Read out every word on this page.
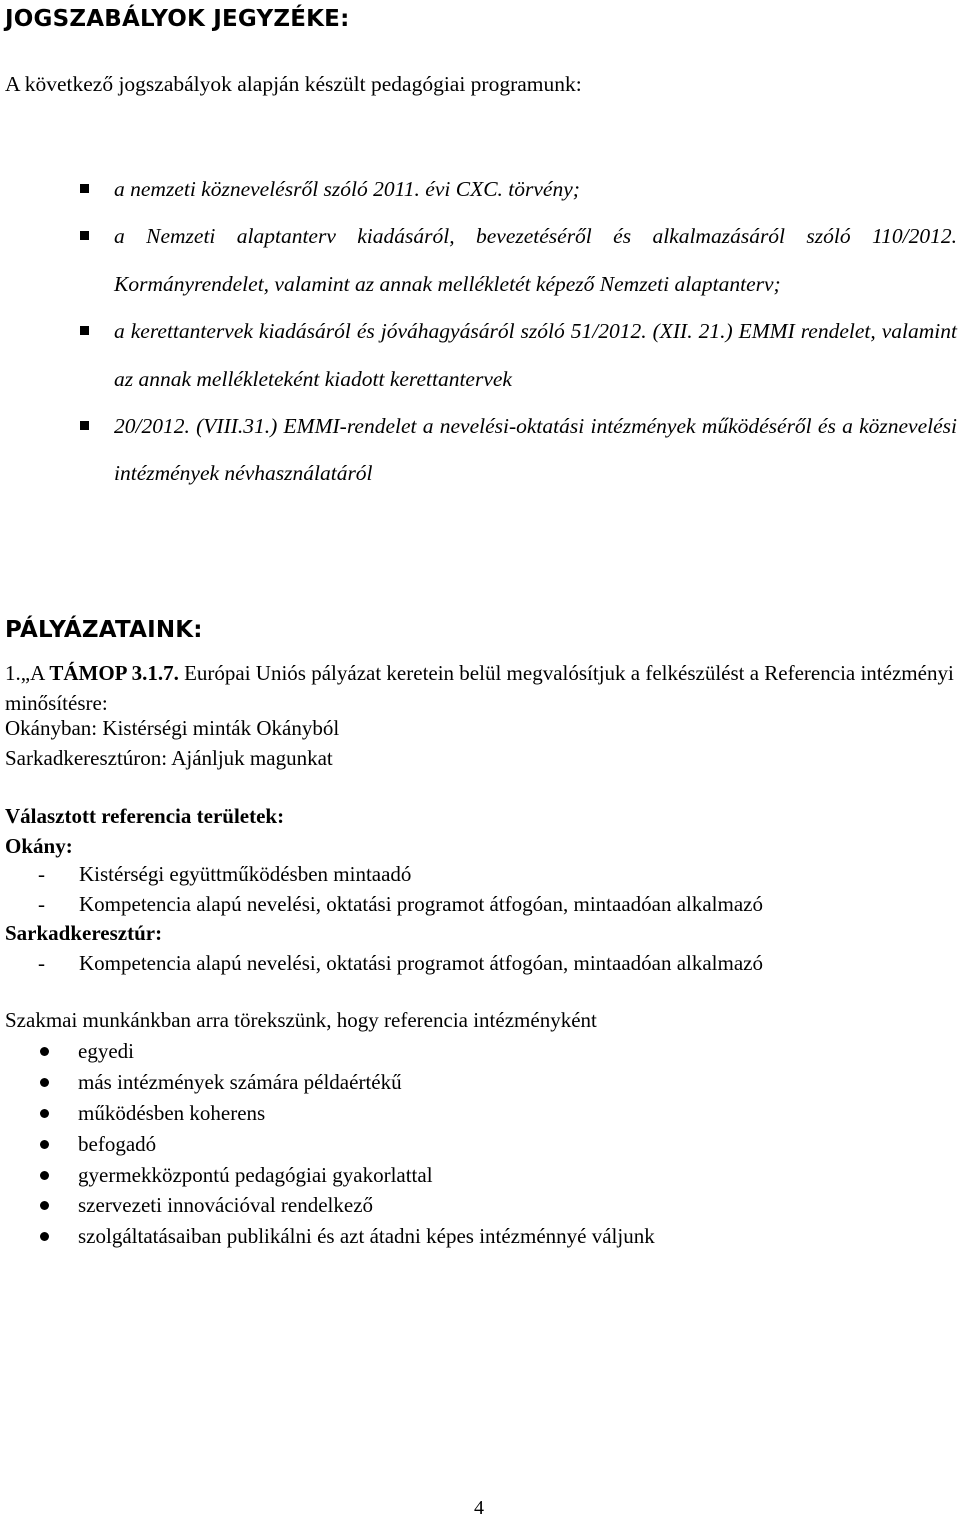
JOGSZABÁLYOK JEGYZÉKE:
A következő jogszabályok alapján készült pedagógiai programunk:
a nemzeti köznevelésről szóló 2011. évi CXC. törvény;
a Nemzeti alaptanterv kiadásáról, bevezetéséről és alkalmazásáról szóló 110/2012. Kormányrendelet, valamint az annak mellékletét képező Nemzeti alaptanterv;
a kerettantervek kiadásáról és jóváhagyásáról szóló 51/2012. (XII. 21.) EMMI rendelet, valamint az annak mellékleteként kiadott kerettantervek
20/2012. (VIII.31.) EMMI-rendelet a nevelési-oktatási intézmények működéséről és a köznevelési intézmények névhasználatáról
PÁLYÁZATAINK:
1.„A TÁMOP 3.1.7. Európai Uniós pályázat keretein belül megvalósítjuk a felkészülést a Referencia intézményi minősítésre:
Okányban: Kistérségi minták Okányból
Sarkadkeresztúron: Ajánljuk magunkat
Választott referencia területek:
Okány:
- Kistérségi együttműködésben mintaadó
- Kompetencia alapú nevelési, oktatási programot átfogóan, mintaadóan alkalmazó
Sarkadkeresztúr:
- Kompetencia alapú nevelési, oktatási programot átfogóan, mintaadóan alkalmazó
Szakmai munkánkban arra törekszünk, hogy referencia intézményként
egyedi
más intézmények számára példaértékű
működésben koherens
befogadó
gyermekközpontú pedagógiai gyakorlattal
szervezeti innovációval rendelkező
szolgáltatásaiban publikálni és azt átadni képes intézménnyé váljunk
4
